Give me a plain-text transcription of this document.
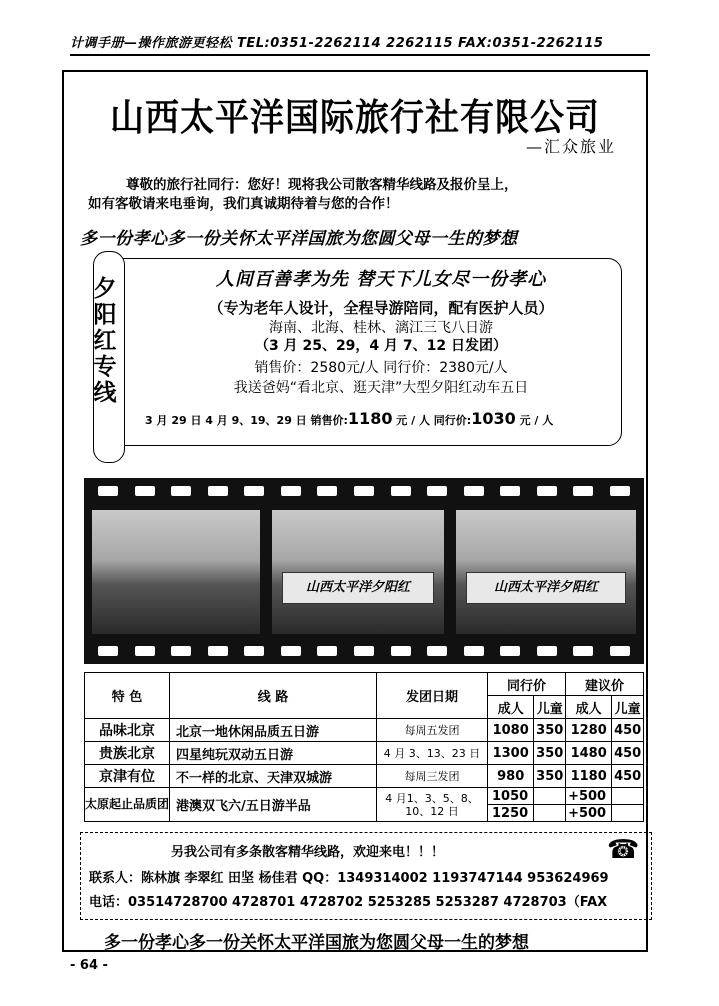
计调手册—操作旅游更轻松 TEL:0351-2262114 2262115 FAX:0351-2262115
山西太平洋国际旅行社有限公司
—汇众旅业
尊敬的旅行社同行：您好！现将我公司散客精华线路及报价呈上，
如有客敬请来电垂询，我们真诚期待着与您的合作！
多一份孝心多一份关怀太平洋国旅为您圆父母一生的梦想
夕阳红专线
人间百善孝为先 替天下儿女尽一份孝心
（专为老年人设计，全程导游陪同，配有医护人员）
海南、北海、桂林、漓江三飞八日游
（3 月 25、29，4 月 7、12 日发团）
销售价：2580元/人 同行价：2380元/人
我送爸妈“看北京、逛天津”大型夕阳红动车五日
3 月 29 日 4 月 9、19、29 日 销售价:1180 元 / 人 同行价:1030 元 / 人
山西太平洋夕阳红	山西太平洋夕阳红
特 色	线 路	发团日期	同行价		建议价	
			成人	儿童	成人	儿童
品味北京	北京一地休闲品质五日游	每周五发团	1080	350	1280	450
贵族北京	四星纯玩双动五日游	4 月 3、13、23 日	1300	350	1480	450
京津有位	不一样的北京、天津双城游	每周三发团	980	350	1180	450
太原起止品质团	港澳双飞六/五日游半品	4 月1、3、5、8、10、12 日	1050		+500	
			1250		+500	
另我公司有多条散客精华线路，欢迎来电！！！	☎
联系人：陈林旗 李翠红 田坚 杨佳君 QQ：1349314002 1193747144 953624969
电话：03514728700 4728701 4728702 5253285 5253287 4728703（FAX
多一份孝心多一份关怀太平洋国旅为您圆父母一生的梦想
- 64 -
